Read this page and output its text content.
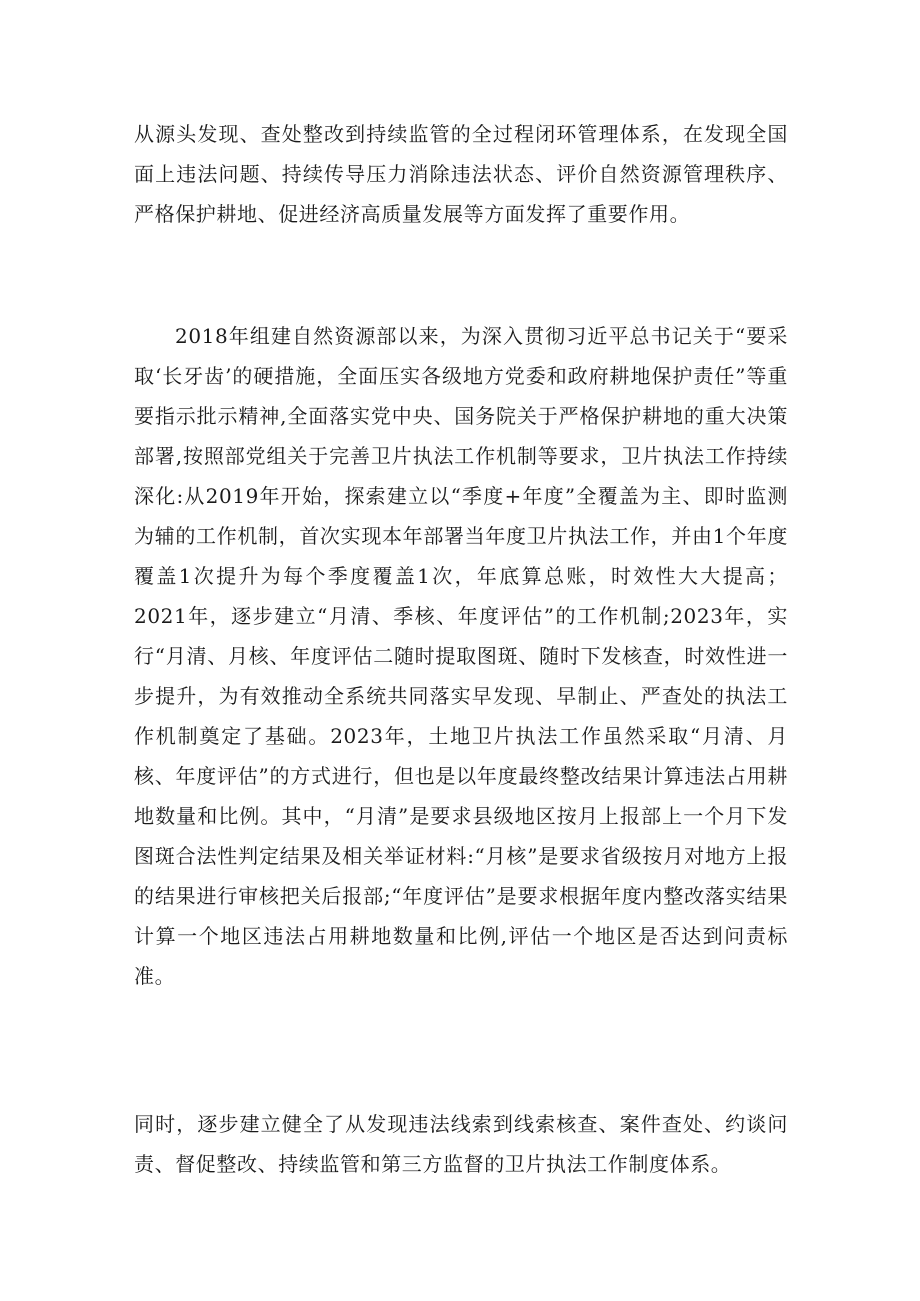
从源头发现、查处整改到持续监管的全过程闭环管理体系，在发现全国面上违法问题、持续传导压力消除违法状态、评价自然资源管理秩序、严格保护耕地、促进经济高质量发展等方面发挥了重要作用。

2018年组建自然资源部以来，为深入贯彻习近平总书记关于“要采取‘长牙齿’的硬措施，全面压实各级地方党委和政府耕地保护责任”等重要指示批示精神,全面落实党中央、国务院关于严格保护耕地的重大决策部署,按照部党组关于完善卫片执法工作机制等要求，卫片执法工作持续深化:从2019年开始，探索建立以“季度+年度”全覆盖为主、即时监测为辅的工作机制，首次实现本年部署当年度卫片执法工作，并由1个年度覆盖1次提升为每个季度覆盖1次，年底算总账，时效性大大提高；2021年，逐步建立“月清、季核、年度评估”的工作机制;2023年，实行“月清、月核、年度评估二随时提取图斑、随时下发核查，时效性进一步提升，为有效推动全系统共同落实早发现、早制止、严查处的执法工作机制奠定了基础。2023年，土地卫片执法工作虽然采取“月清、月核、年度评估”的方式进行，但也是以年度最终整改结果计算违法占用耕地数量和比例。其中，“月清”是要求县级地区按月上报部上一个月下发图斑合法性判定结果及相关举证材料:“月核”是要求省级按月对地方上报的结果进行审核把关后报部;“年度评估”是要求根据年度内整改落实结果计算一个地区违法占用耕地数量和比例,评估一个地区是否达到问责标准。

同时，逐步建立健全了从发现违法线索到线索核查、案件查处、约谈问责、督促整改、持续监管和第三方监督的卫片执法工作制度体系。
